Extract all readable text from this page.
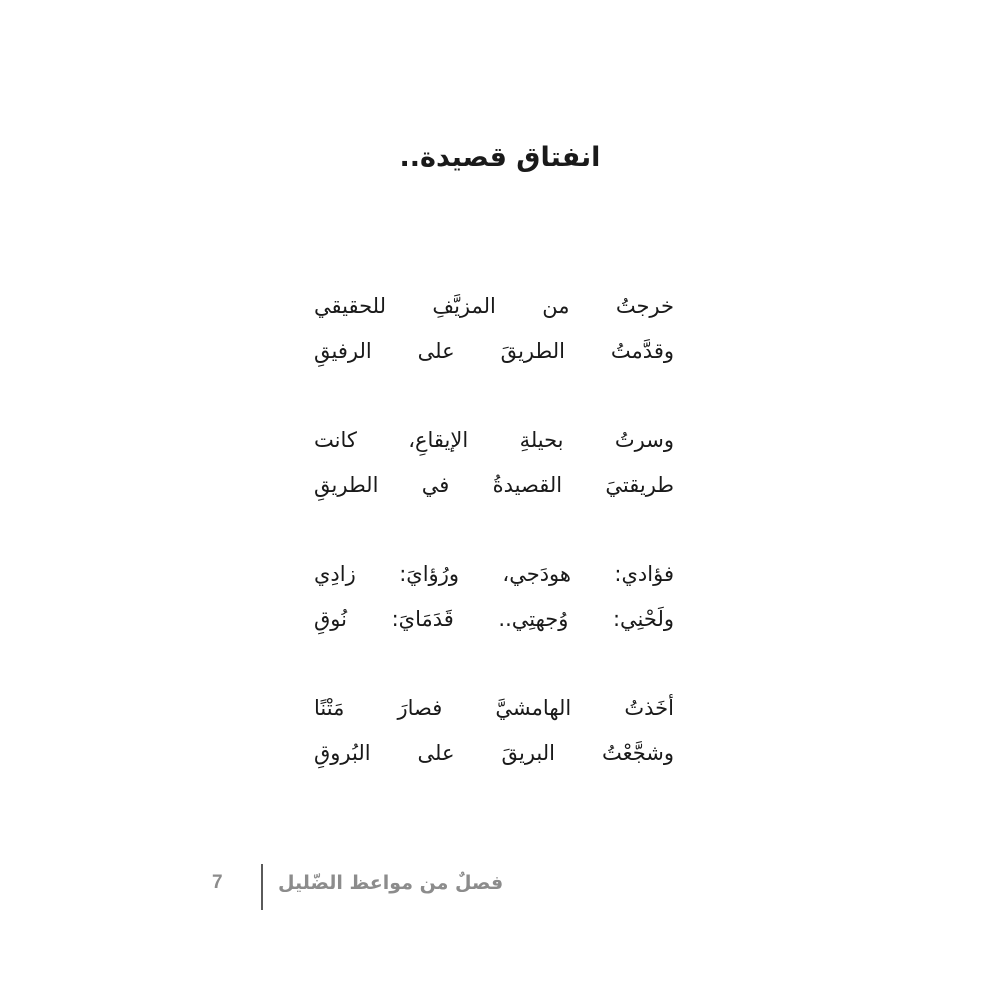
انفتاق قصيدة..
خرجتُ من المزيَّفِ للحقيقي
وقدَّمتُ الطريقَ على الرفيقِ
وسرتُ بحيلةِ الإيقاعِ، كانت
طريقتيَ القصيدةُ في الطريقِ
فؤادي: هودَجي، ورُؤايَ: زادِي
ولَحْنِي: وُجهتِي.. قَدَمَايَ: نُوقِ
أخَذتُ الهامشيَّ فصارَ مَتْنًا
وشجَّعْتُ البريقَ على البُروقِ
7	فصلٌ من مواعظ الضّليل
